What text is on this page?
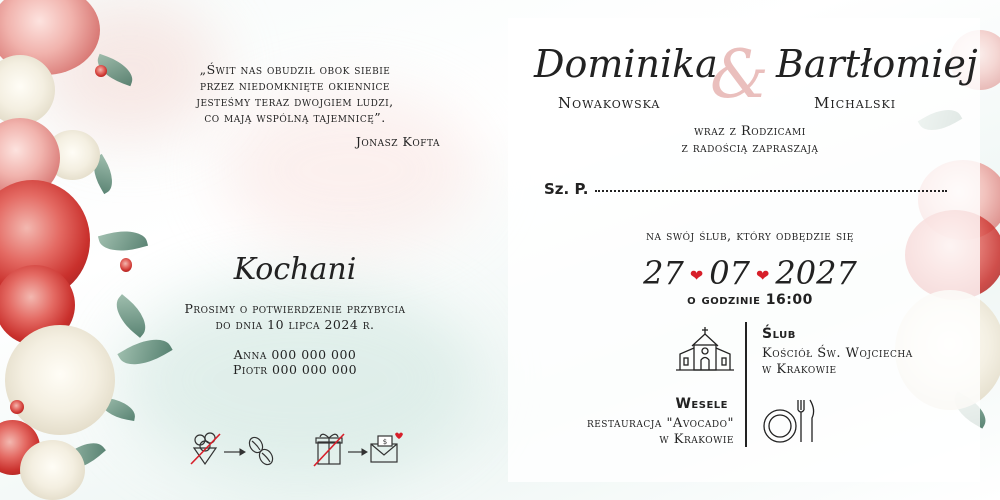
„Świt nas obudził obok siebie
przez niedomknięte okiennice
jesteśmy teraz dwojgiem ludzi,
co mają wspólną tajemnicę”.
Jonasz Kofta
Kochani
Prosimy o potwierdzenie przybycia
do dnia 10 lipca 2024 r.
Anna 000 000 000
Piotr 000 000 000
$
&
Dominika Bartłomiej
Nowakowska	Michalski
wraz z Rodzicami
z radością zapraszają
Sz. P.
na swój ślub, który odbędzie się
27 ❤ 07 ❤ 2027
o godzinie 16:00
Ślub
Kościół Św. Wojciecha
w Krakowie
Wesele
restauracja "Avocado"
w Krakowie
